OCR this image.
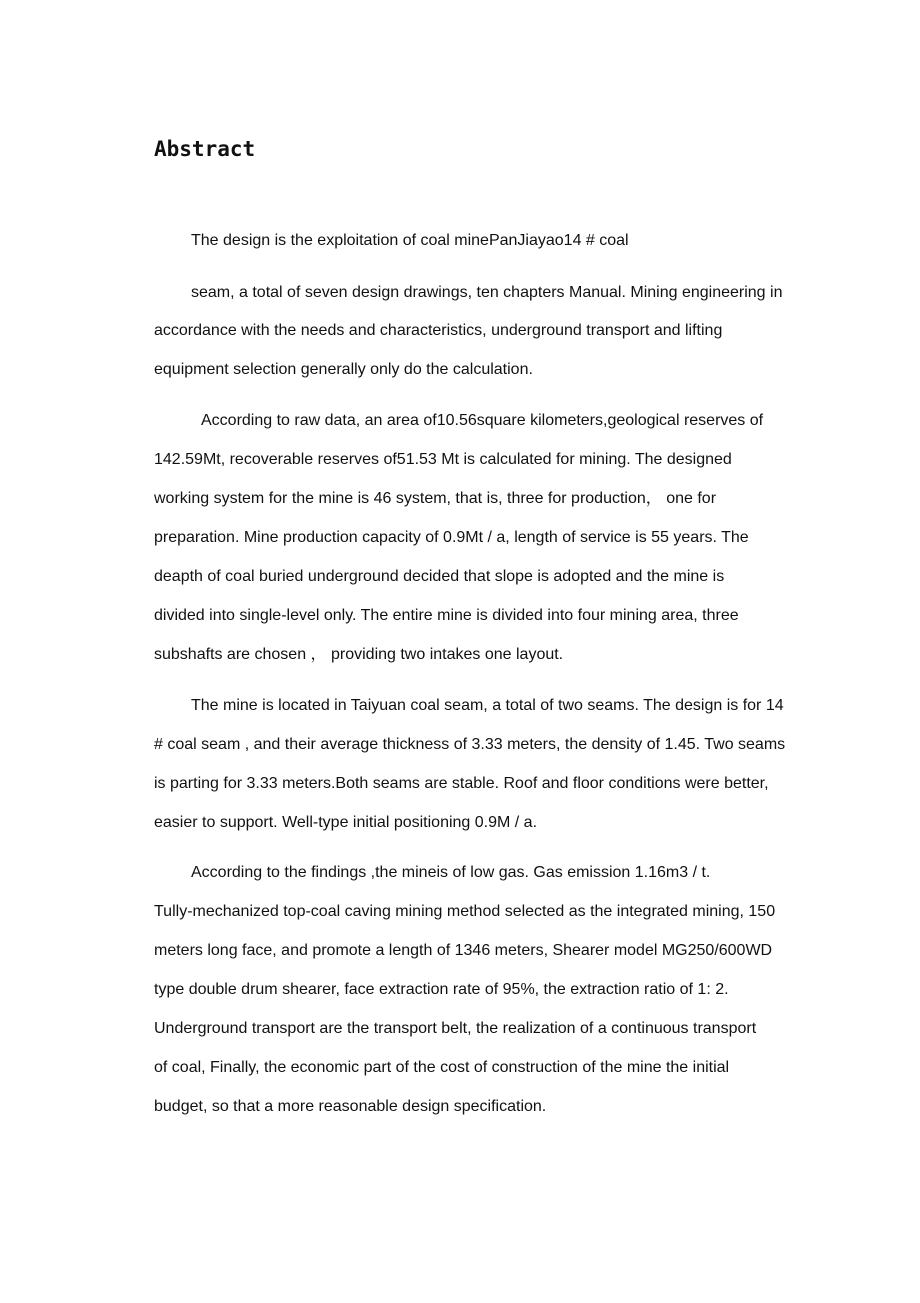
Abstract
The design is the exploitation of coal minePanJiayao14 # coal
seam, a total of seven design drawings, ten chapters Manual. Mining engineering in
accordance with the needs and characteristics, underground transport and lifting
equipment selection generally only do the calculation.
According to raw data, an area of10.56square kilometers,geological reserves of
142.59Mt, recoverable reserves of51.53 Mt is calculated for mining. The designed
working system for the mine is 46 system, that is, three for production， one for
preparation. Mine production capacity of 0.9Mt / a, length of service is 55 years. The
deapth of coal buried underground decided that slope is adopted and the mine is
divided into single-level only. The entire mine is divided into four mining area, three
subshafts are chosen ， providing two intakes one layout.
The mine is located in Taiyuan coal seam, a total of two seams. The design is for 14
# coal seam , and their average thickness of 3.33 meters, the density of 1.45. Two seams
is parting for 3.33 meters.Both seams are stable. Roof and floor conditions were better,
easier to support. Well-type initial positioning 0.9M / a.
According to the findings ,the mineis of low gas. Gas emission 1.16m3 / t.
Tully-mechanized top-coal caving mining method selected as the integrated mining, 150
meters long face, and promote a length of 1346 meters, Shearer model MG250/600WD
type double drum shearer, face extraction rate of 95%, the extraction ratio of 1: 2.
Underground transport are the transport belt, the realization of a continuous transport
of coal, Finally, the economic part of the cost of construction of the mine the initial
budget, so that a more reasonable design specification.
